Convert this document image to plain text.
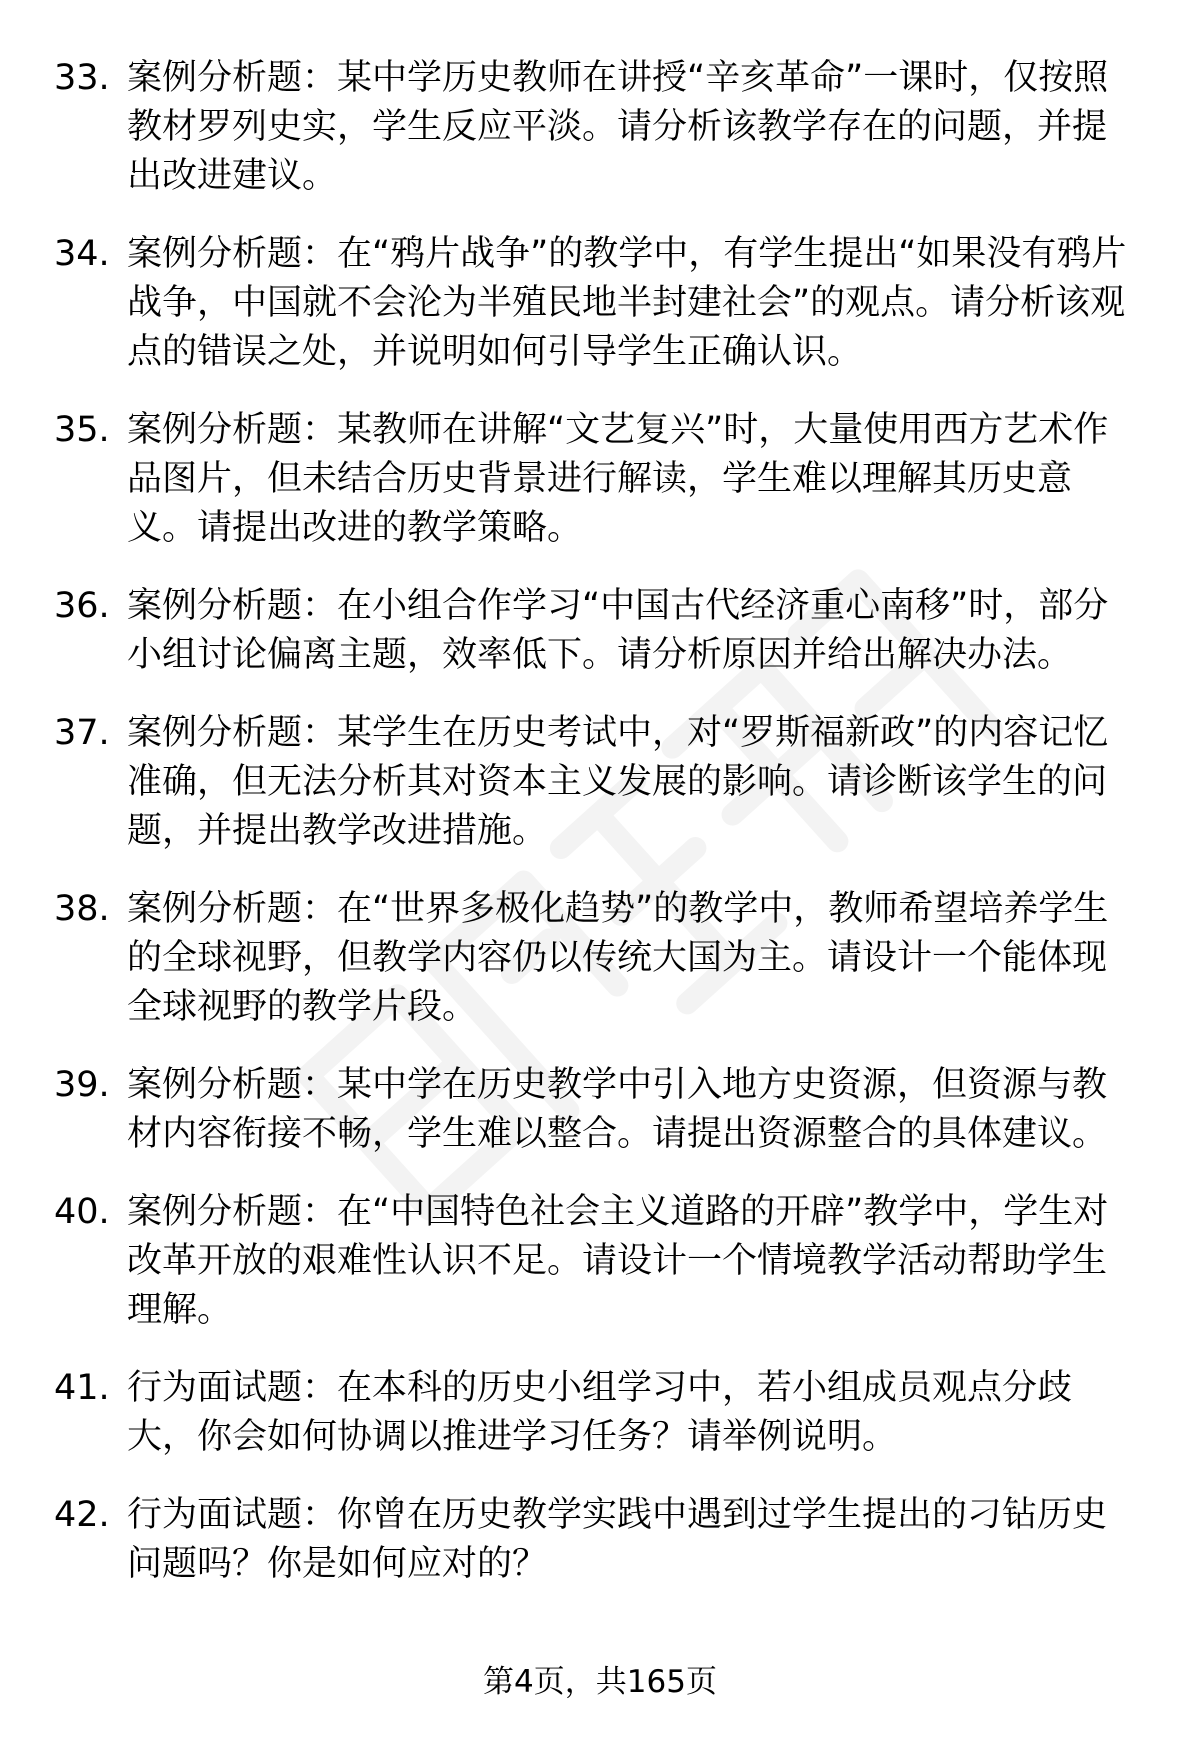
33. 案例分析题：某中学历史教师在讲授“辛亥革命”一课时，仅按照教材罗列史实，学生反应平淡。请分析该教学存在的问题，并提出改进建议。
34. 案例分析题：在“鸦片战争”的教学中，有学生提出“如果没有鸦片战争，中国就不会沦为半殖民地半封建社会”的观点。请分析该观点的错误之处，并说明如何引导学生正确认识。
35. 案例分析题：某教师在讲解“文艺复兴”时，大量使用西方艺术作品图片，但未结合历史背景进行解读，学生难以理解其历史意义。请提出改进的教学策略。
36. 案例分析题：在小组合作学习“中国古代经济重心南移”时，部分小组讨论偏离主题，效率低下。请分析原因并给出解决办法。
37. 案例分析题：某学生在历史考试中，对“罗斯福新政”的内容记忆准确，但无法分析其对资本主义发展的影响。请诊断该学生的问题，并提出教学改进措施。
38. 案例分析题：在“世界多极化趋势”的教学中，教师希望培养学生的全球视野，但教学内容仍以传统大国为主。请设计一个能体现全球视野的教学片段。
39. 案例分析题：某中学在历史教学中引入地方史资源，但资源与教材内容衔接不畅，学生难以整合。请提出资源整合的具体建议。
40. 案例分析题：在“中国特色社会主义道路的开辟”教学中，学生对改革开放的艰难性认识不足。请设计一个情境教学活动帮助学生理解。
41. 行为面试题：在本科的历史小组学习中，若小组成员观点分歧大，你会如何协调以推进学习任务？请举例说明。
42. 行为面试题：你曾在历史教学实践中遇到过学生提出的刁钻历史问题吗？你是如何应对的？
第4页，共165页
